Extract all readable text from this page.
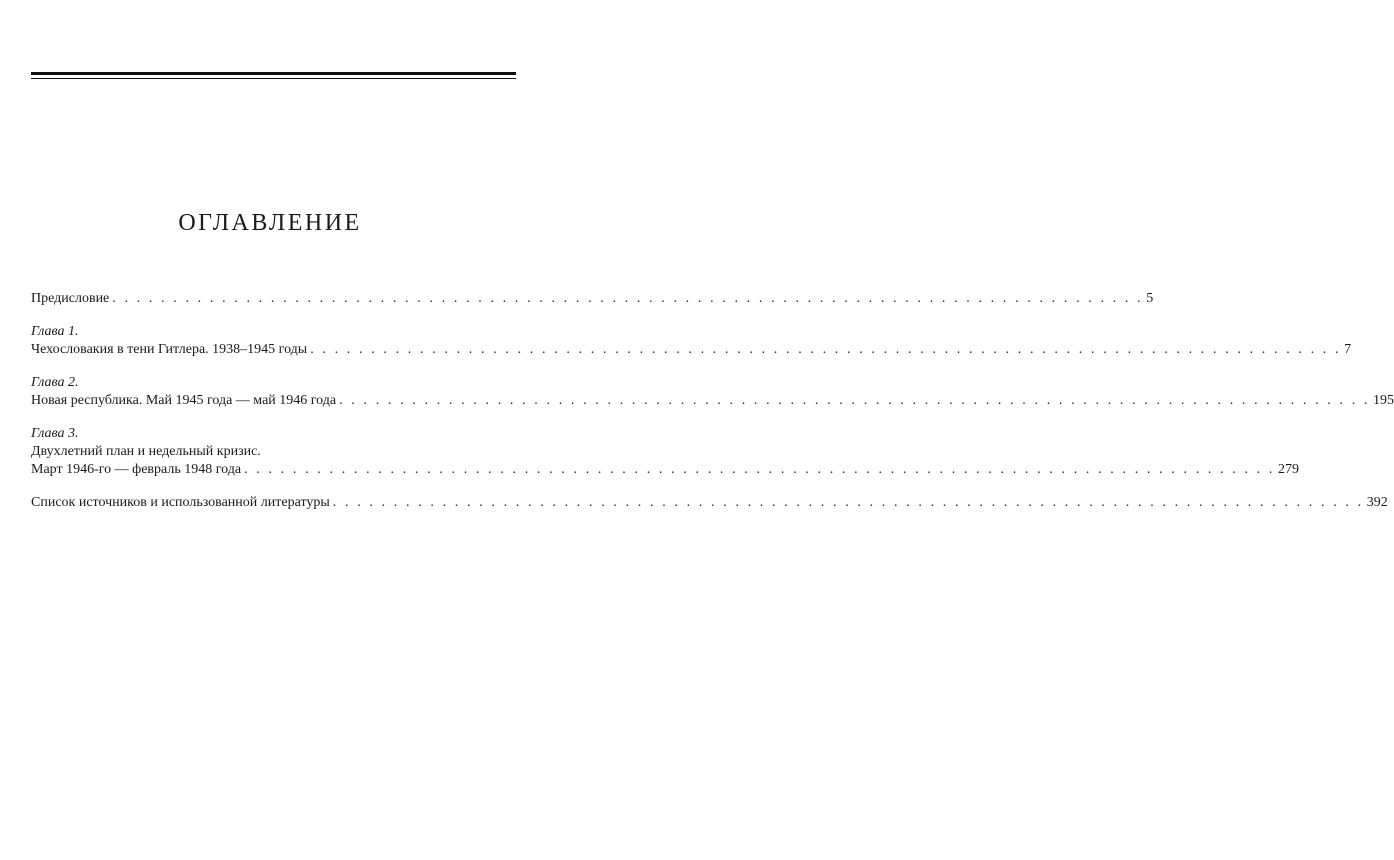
ОГЛАВЛЕНИЕ
Предисловие . . . . . . . . . . . . . . . . . . . . . . . . . . . . . . . . . . . . . . . . . . . . . . . . . . . . . . . . . . . . . . . . . . . . . . . . . . . . . . . . . . . . . 5
Глава 1.
Чехословакия в тени Гитлера. 1938–1945 годы . . . . . . . . . . . . . . . . . . . . . . . . . . . . . . . . . . . . . . . . . . . . . . . . . . . . . . . . . . . . . . . . . . . . . . . . . . . . . . . . . . . . . 7
Глава 2.
Новая республика. Май 1945 года — май 1946 года . . . . . . . . . . . . . . . . . . . . . . . . . . . . . . . . . . . . . . . . . . . . . . . . . . . . . . . . . . . . . . . . . . . . . . . . . . . . . . . . . . . . . 195
Глава 3.
Двухлетний план и недельный кризис.
Март 1946-го — февраль 1948 года . . . . . . . . . . . . . . . . . . . . . . . . . . . . . . . . . . . . . . . . . . . . . . . . . . . . . . . . . . . . . . . . . . . . . . . . . . . . . . . . . . . . . 279
Список источников и использованной литературы . . . . . . . . . . . . . . . . . . . . . . . . . . . . . . . . . . . . . . . . . . . . . . . . . . . . . . . . . . . . . . . . . . . . . . . . . . . . . . . . . . . . . 392
